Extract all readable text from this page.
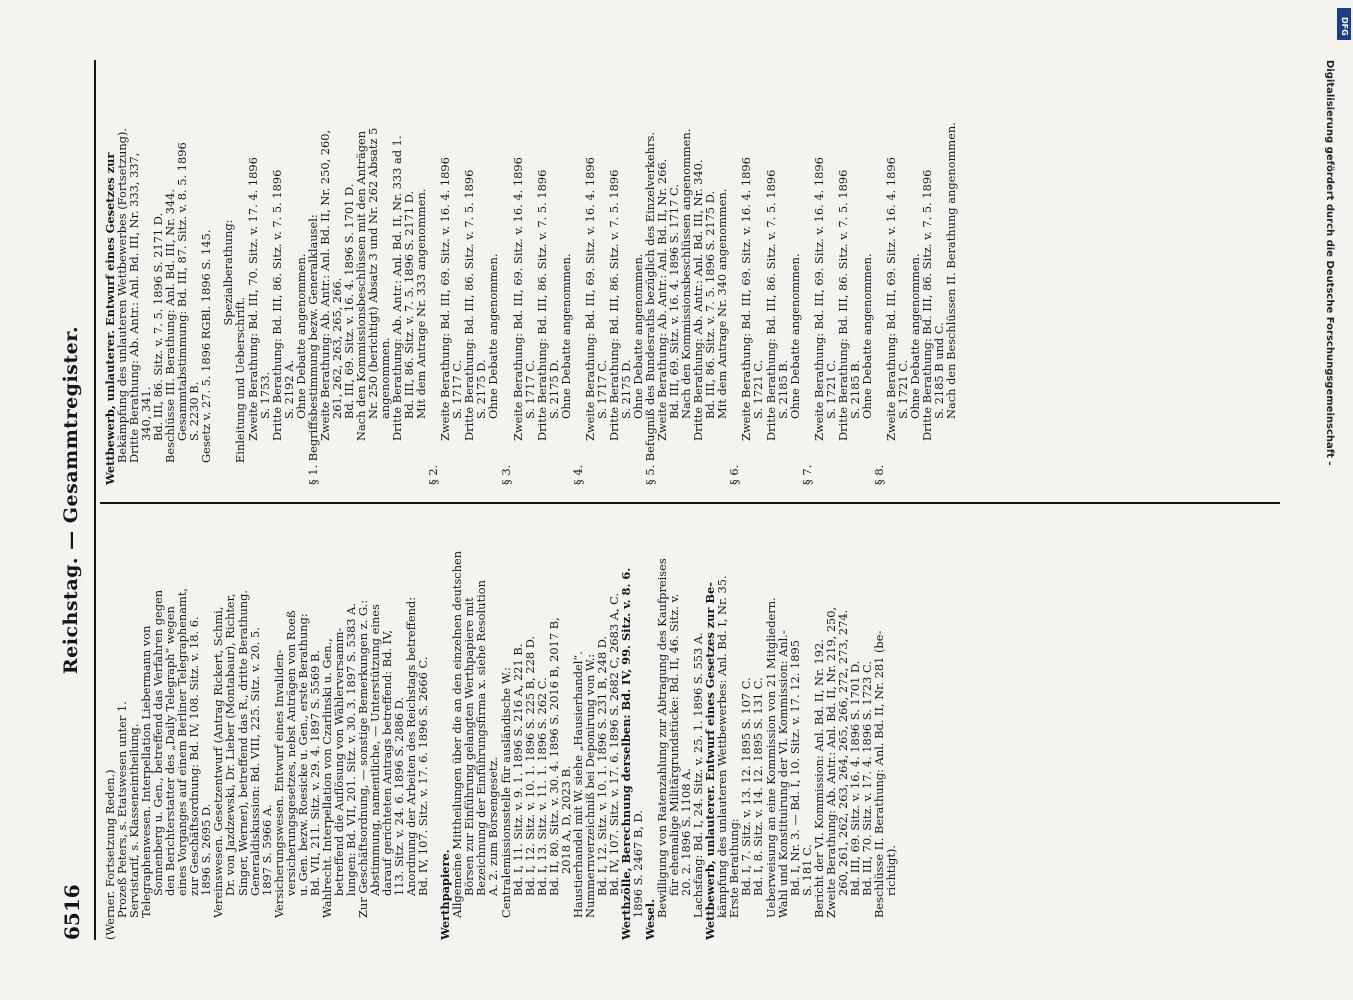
Reichstag. — Gesammtregister.
6516 (Werner. Fortsetzung Reden.)
Prozeß Peters, s. Etatswesen unter 1.
Servistarif, s. Klasseneintheilung.
Telegraphenwesen. Interpellation Liebermann von
Sonnenberg u. Gen., betreffend das Verfahren gegen
den Berichterstatter des „Daily Telegraph“ wegen
eines Vorganges auf einem Berliner Telegraphenamt,
zur Geschäftsordnung: Bd. IV, 108. Sitz. v. 18. 6.
1896 S. 2695 D.
Vereinswesen. Gesetzentwurf (Antrag Rickert, Schmi,
Dr. von Jazdzewski, Dr. Lieber (Montabaur), Richter,
Singer, Werner), betreffend das R., dritte Berathung.
Generaldiskussion: Bd. VIII, 225. Sitz. v. 20. 5.
1897 S. 5966 A.
Versicherungswesen. Entwurf eines Invaliden-
versicherungsgesetzes, nebst Anträgen von Roeß
u. Gen. bezw. Roesicke u. Gen., erste Berathung:
Bd. VII, 211. Sitz. v. 29. 4. 1897 S. 5569 B.
Wahlrecht. Interpellation von Czarlinski u. Gen.,
betreffend die Auflösung von Wählerversamm-
lungen: Bd. VII, 201. Sitz. v. 30. 3. 1897 S. 5383 A.
Zur Geschäftsordnung, — sonstige Bemerkungen z. G.:
Abstimmung, namentliche, — Unterstützung eines
darauf gerichteten Antrags betreffend: Bd. IV,
113. Sitz. v. 24. 6. 1896 S. 2886 D.
Anordnung der Arbeiten des Reichstags betreffend:
Bd. IV, 107. Sitz. v. 17. 6. 1896 S. 2666 C. Werthpapiere.
Allgemeine Mittheilungen über die an den einzelnen deutschen
Börsen zur Einführung gelangten Werthpapiere mit
Bezeichnung der Einführungsfirma x. siehe Resolution
A. 2. zum Börsengesetz.
Centralemissionsstelle für ausländische W.:
Bd. I, 11. Sitz. v. 9. 1. 1896 S. 216 A, 221 B.
Bd. I, 12. Sitz. v. 10. 1. 1896 S. 225 B, 228 D.
Bd. I, 13. Sitz. v. 11. 1. 1896 S. 262 C.
Bd. II, 80. Sitz. v. 30. 4. 1896 S. 2016 B, 2017 B,
2018 A, D, 2023 B.
Haustierhandel mit W. siehe „Hausierhandel“.
Nummernverzeichniß bei Deponirung von W.:
Bd. I, 12. Sitz. v. 10. 1. 1896 S. 231 B, 248 D.
Bd. IV, 107. Sitz. v. 17. 6. 1896 S. 2682 C, 2683 A, C.
Werthzölle, Berechnung derselben: Bd. IV, 99. Sitz. v. 8. 6.
1896 S. 2467 B, D.
Wesel.
Bewilligung von Ratenzahlung zur Abtragung des Kaufpreises
für ehemalige Militärgrundstücke: Bd. II, 46. Sitz. v.
20. 2. 1896 S. 1108 A.
Lachsfang: Bd. I, 24. Sitz. v. 25. 1. 1896 S. 553 A.
Wettbewerb, unlauterer. Entwurf eines Gesetzes zur Be-
kämpfung des unlauteren Wettbewerbes: Anl. Bd. I, Nr. 35.
Erste Berathung:
Bd. I, 7. Sitz. v. 13. 12. 1895 S. 107 C.
Bd. I, 8. Sitz. v. 14. 12. 1895 S. 131 C.
Ueberweisung an eine Kommission von 21 Mitgliedern.
Wahl und Konstituirung der VI. Kommission: Anl.-
Bd. I, Nr. 3. — Bd. I, 10. Sitz. v. 17. 12. 1895
S. 181 C.
Bericht der VI. Kommission: Anl. Bd. II, Nr. 192.
Zweite Berathung: Ab. Antr.: Anl. Bd. II, Nr. 219, 250,
260, 261, 262, 263, 264, 265, 266, 272, 273, 274.
Bd. III, 69. Sitz. v. 16. 4. 1896 S. 1701 D.
Bd. III, 70. Sitz. v. 17. 4. 1896 S. 1723 C.
Beschlüsse II. Berathung: Anl. Bd. II, Nr. 281 (be-
richtigt).
Wettbewerb, unlauterer. Entwurf eines Gesetzes zur
Bekämpfung des unlauteren Wettbewerbes (Fortsetzung).
Dritte Berathung: Ab. Antr.: Anl. Bd. III, Nr. 333, 337,
340, 341.
Bd. III, 86. Sitz. v. 7. 5. 1896 S. 2171 D.
Beschlüsse III. Berathung: Anl. Bd. III, Nr. 344.
Gesammtabstimmung: Bd. III, 87. Sitz. v. 8. 5. 1896
S. 2230 B.
Gesetz v. 27. 5. 1896 RGBl. 1896 S. 145. Spezialberathung:
Einleitung und Ueberschrift.
Zweite Berathung: Bd. III, 70. Sitz. v. 17. 4. 1896
S. 1753.
Dritte Berathung: Bd. III, 86. Sitz. v. 7. 5. 1896
S. 2192 A.
Ohne Debatte angenommen.
§ 1. Begriffsbestimmung bezw. Generalklausel:
Zweite Berathung: Ab. Antr.: Anl. Bd. II, Nr. 250, 260,
261, 262, 263, 265, 266.
Bd. III, 69. Sitz. v. 16. 4. 1896 S. 1701 D.
Nach den Kommissionsbeschlüssen mit den Anträgen
Nr. 250 (berichtigt) Absatz 3 und Nr. 262 Absatz 5
angenommen.
Dritte Berathung: Ab. Antr.: Anl. Bd. II, Nr. 333 ad 1.
Bd. III, 86. Sitz. v. 7. 5. 1896 S. 2171 D.
Mit dem Antrage Nr. 333 angenommen.
§ 2.
Zweite Berathung: Bd. III, 69. Sitz. v. 16. 4. 1896
S. 1717 C.
Dritte Berathung: Bd. III, 86. Sitz. v. 7. 5. 1896
S. 2175 D.
Ohne Debatte angenommen.
§ 3.
Zweite Berathung: Bd. III, 69. Sitz. v. 16. 4. 1896
S. 1717 C.
Dritte Berathung: Bd. III, 86. Sitz. v. 7. 5. 1896
S. 2175 D.
Ohne Debatte angenommen.
§ 4.
Zweite Berathung: Bd. III, 69. Sitz. v. 16. 4. 1896
S. 1717 C.
Dritte Berathung: Bd. III, 86. Sitz. v. 7. 5. 1896
S. 2175 D.
Ohne Debatte angenommen.
§ 5. Befugniß des Bundesraths bezüglich des Einzelverkehrs.
Zweite Berathung: Ab. Antr.: Anl. Bd. II, Nr. 266.
Bd. III, 69. Sitz. v. 16. 4. 1896 S. 1717 C.
Nach den Kommissionsbeschlüssen angenommen.
Dritte Berathung: Ab. Antr.: Anl. Bd. III, Nr. 340.
Bd. III, 86. Sitz. v. 7. 5. 1896 S. 2175 D.
Mit dem Antrage Nr. 340 angenommen.
§ 6.
Zweite Berathung: Bd. III, 69. Sitz. v. 16. 4. 1896
S. 1721 C.
Dritte Berathung: Bd. III, 86. Sitz. v. 7. 5. 1896
S. 2185 B.
Ohne Debatte angenommen.
§ 7.
Zweite Berathung: Bd. III, 69. Sitz. v. 16. 4. 1896
S. 1721 C.
Dritte Berathung: Bd. III, 86. Sitz. v. 7. 5. 1896
S. 2185 B.
Ohne Debatte angenommen.
§ 8.
Zweite Berathung: Bd. III, 69. Sitz. v. 16. 4. 1896
S. 1721 C.
Ohne Debatte angenommen.
Dritte Berathung: Bd. III, 86. Sitz. v. 7. 5. 1896
S. 2185 B und C.
Nach den Beschlüssen II. Berathung angenommen.	Digitalisierung gefördert durch die Deutsche Forschungsgemeinschaft -
DFG
